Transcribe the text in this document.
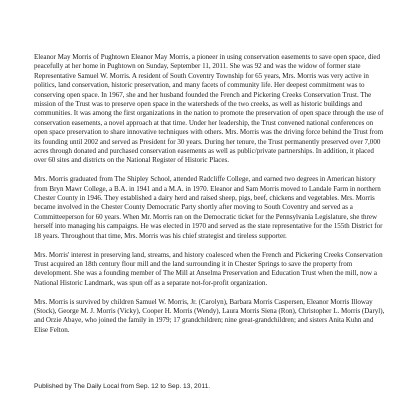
Eleanor May Morris of Pughtown Eleanor May Morris, a pioneer in using conservation easements to save open space, died peacefully at her home in Pughtown on Sunday, September 11, 2011. She was 92 and was the widow of former state Representative Samuel W. Morris. A resident of South Coventry Township for 65 years, Mrs. Morris was very active in politics, land conservation, historic preservation, and many facets of community life. Her deepest commitment was to conserving open space. In 1967, she and her husband founded the French and Pickering Creeks Conservation Trust. The mission of the Trust was to preserve open space in the watersheds of the two creeks, as well as historic buildings and communities. It was among the first organizations in the nation to promote the preservation of open space through the use of conservation easements, a novel approach at that time. Under her leadership, the Trust convened national conferences on open space preservation to share innovative techniques with others. Mrs. Morris was the driving force behind the Trust from its founding until 2002 and served as President for 30 years. During her tenure, the Trust permanently preserved over 7,000 acres through donated and purchased conservation easements as well as public/private partnerships. In addition, it placed over 60 sites and districts on the National Register of Historic Places.

Mrs. Morris graduated from The Shipley School, attended Radcliffe College, and earned two degrees in American history from Bryn Mawr College, a B.A. in 1941 and a M.A. in 1970. Eleanor and Sam Morris moved to Landale Farm in northern Chester County in 1946. They established a dairy herd and raised sheep, pigs, beef, chickens and vegetables. Mrs. Morris became involved in the Chester County Democratic Party shortly after moving to South Coventry and served as a Committeeperson for 60 years. When Mr. Morris ran on the Democratic ticket for the Pennsylvania Legislature, she threw herself into managing his campaigns. He was elected in 1970 and served as the state representative for the 155th District for 18 years. Throughout that time, Mrs. Morris was his chief strategist and tireless supporter.

Mrs. Morris' interest in preserving land, streams, and history coalesced when the French and Pickering Creeks Conservation Trust acquired an 18th century flour mill and the land surrounding it in Chester Springs to save the property from development. She was a founding member of The Mill at Anselma Preservation and Education Trust when the mill, now a National Historic Landmark, was spun off as a separate not-for-profit organization.

Mrs. Morris is survived by children Samuel W. Morris, Jr. (Carolyn), Barbara Morris Caspersen, Eleanor Morris Illoway (Stock), George M. J. Morris (Vicky), Cooper H. Morris (Wendy), Laura Morris Siena (Ron), Christopher L. Morris (Daryl), and Orzie Abaye, who joined the family in 1979; 17 grandchildren; nine great-grandchildren; and sisters Anita Kuhn and Elise Felton.

Published by The Daily Local from Sep. 12 to Sep. 13, 2011.
